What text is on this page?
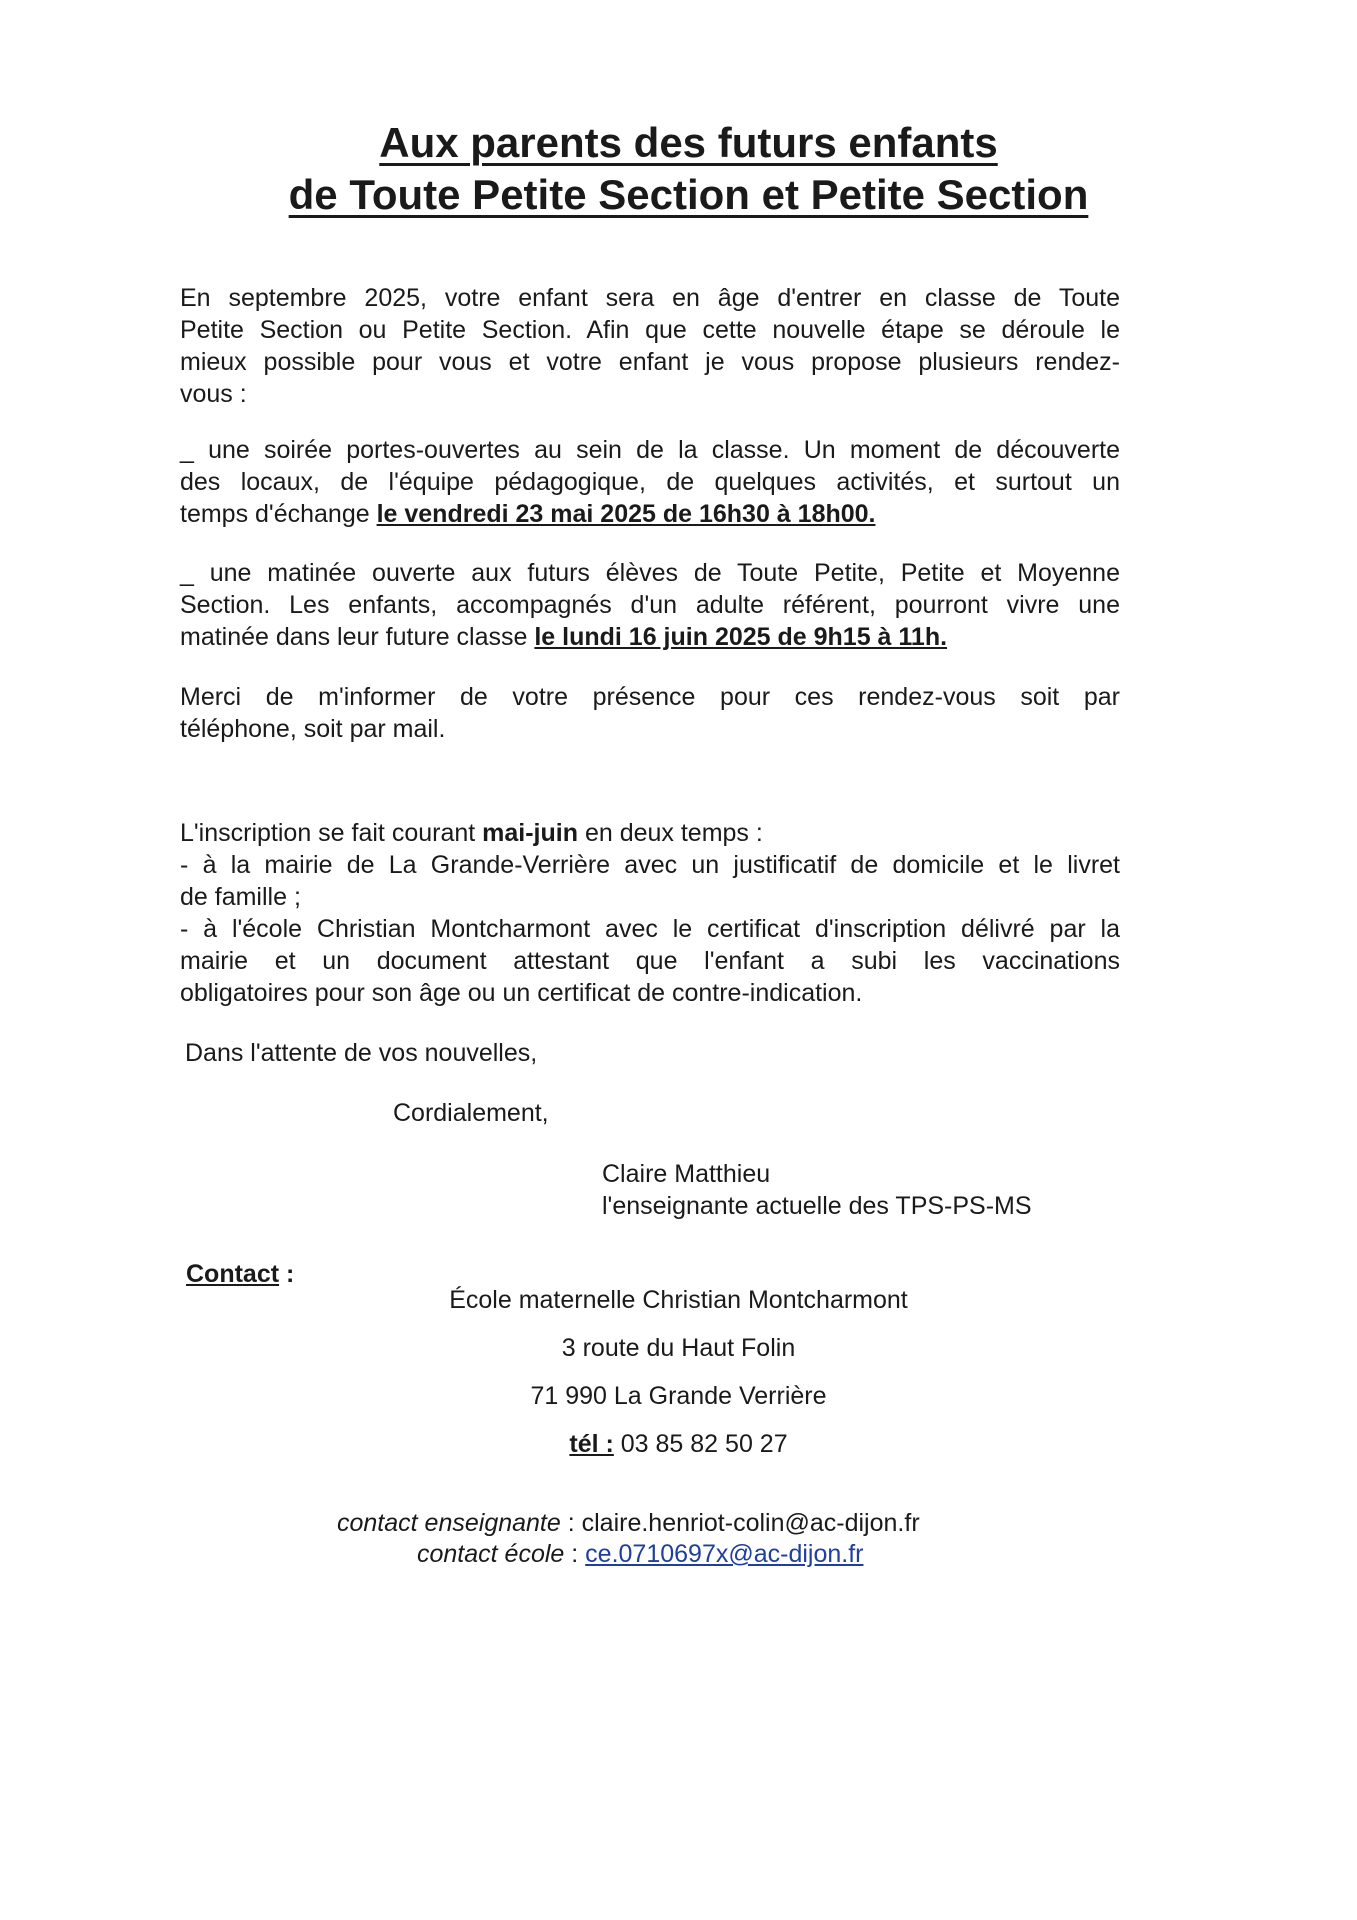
Aux parents des futurs enfants
de Toute Petite Section et Petite Section
En septembre 2025, votre enfant sera en âge d'entrer en classe de Toute
Petite Section ou Petite Section. Afin que cette nouvelle étape se déroule le
mieux possible pour vous et votre enfant je vous propose plusieurs rendez-
vous :
_ une soirée portes-ouvertes au sein de la classe. Un moment de découverte
des locaux, de l'équipe pédagogique, de quelques activités, et surtout un
temps d'échange le vendredi 23 mai 2025 de 16h30 à 18h00.
_ une matinée ouverte aux futurs élèves de Toute Petite, Petite et Moyenne
Section. Les enfants, accompagnés d'un adulte référent, pourront vivre une
matinée dans leur future classe le lundi 16 juin 2025 de 9h15 à 11h.
Merci de m'informer de votre présence pour ces rendez-vous soit par
téléphone, soit par mail.
L'inscription se fait courant mai-juin en deux temps :
- à la mairie de La Grande-Verrière avec un justificatif de domicile et le livret
de famille ;
- à l'école Christian Montcharmont avec le certificat d'inscription délivré par la
mairie et un document attestant que l'enfant a subi les vaccinations
obligatoires pour son âge ou un certificat de contre-indication.
Dans l'attente de vos nouvelles,
Cordialement,
Claire Matthieu
l'enseignante actuelle des TPS-PS-MS
Contact :
École maternelle Christian Montcharmont
3 route du Haut Folin
71 990 La Grande Verrière
tél : 03 85 82 50 27
contact enseignante : claire.henriot-colin@ac-dijon.fr
contact école : ce.0710697x@ac-dijon.fr
